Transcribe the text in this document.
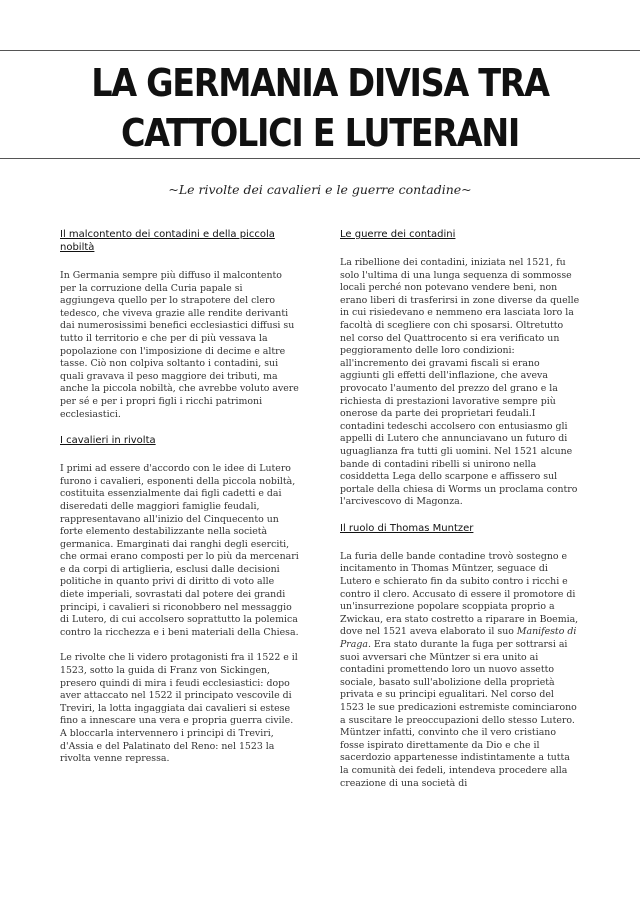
LA GERMANIA DIVISA TRA CATTOLICI E LUTERANI
~Le rivolte dei cavalieri e le guerre contadine~

Il malcontento dei contadini e della piccola nobiltà

In Germania sempre più diffuso il malcontento per la corruzione della Curia papale si aggiungeva quello per lo strapotere del clero tedesco, che viveva grazie alle rendite derivanti dai numerosissimi benefici ecclesiastici diffusi su tutto il territorio e che per di più vessava la popolazione con l'imposizione di decime e altre tasse. Ciò non colpiva soltanto i contadini, sui quali gravava il peso maggiore dei tributi, ma anche la piccola nobiltà, che avrebbe voluto avere per sé e per i propri figli i ricchi patrimoni ecclesiastici.

I cavalieri in rivolta

I primi ad essere d'accordo con le idee di Lutero furono i cavalieri, esponenti della piccola nobiltà, costituita essenzialmente dai figli cadetti e dai diseredati delle maggiori famiglie feudali, rappresentavano all'inizio del Cinquecento un forte elemento destabilizzante nella società germanica. Emarginati dai ranghi degli eserciti, che ormai erano composti per lo più da mercenari e da corpi di artiglieria, esclusi dalle decisioni politiche in quanto privi di diritto di voto alle diete imperiali, sovrastati dal potere dei grandi principi, i cavalieri si riconobbero nel messaggio di Lutero, di cui accolsero soprattutto la polemica contro la ricchezza e i beni materiali della Chiesa.

Le rivolte che li videro protagonisti fra il 1522 e il 1523, sotto la guida di Franz von Sickingen, presero quindi di mira i feudi ecclesiastici: dopo aver attaccato nel 1522 il principato vescovile di Treviri, la lotta ingaggiata dai cavalieri si estese fino a innescare una vera e propria guerra civile. A bloccarla intervennero i principi di Treviri, d'Assia e del Palatinato del Reno: nel 1523 la rivolta venne repressa.

Le guerre dei contadini

La ribellione dei contadini, iniziata nel 1521, fu solo l'ultima di una lunga sequenza di sommosse locali perché non potevano vendere beni, non erano liberi di trasferirsi in zone diverse da quelle in cui risiedevano e nemmeno era lasciata loro la facoltà di scegliere con chi sposarsi. Oltretutto nel corso del Quattrocento si era verificato un peggioramento delle loro condizioni: all'incremento dei gravami fiscali si erano aggiunti gli effetti dell'inflazione, che aveva provocato l'aumento del prezzo del grano e la richiesta di prestazioni lavorative sempre più onerose da parte dei proprietari feudali.I contadini tedeschi accolsero con entusiasmo gli appelli di Lutero che annunciavano un futuro di uguaglianza fra tutti gli uomini. Nel 1521 alcune bande di contadini ribelli si unirono nella cosiddetta Lega dello scarpone e affissero sul portale della chiesa di Worms un proclama contro l'arcivescovo di Magonza.

Il ruolo di Thomas Muntzer

La furia delle bande contadine trovò sostegno e incitamento in Thomas Müntzer, seguace di Lutero e schierato fin da subito contro i ricchi e contro il clero. Accusato di essere il promotore di un'insurrezione popolare scoppiata proprio a Zwickau, era stato costretto a riparare in Boemia, dove nel 1521 aveva elaborato il suo Manifesto di Praga. Era stato durante la fuga per sottrarsi ai suoi avversari che Müntzer si era unito ai contadini promettendo loro un nuovo assetto sociale, basato sull'abolizione della proprietà privata e su principi egualitari. Nel corso del 1523 le sue predicazioni estremiste cominciarono a suscitare le preoccupazioni dello stesso Lutero. Müntzer infatti, convinto che il vero cristiano fosse ispirato direttamente da Dio e che il sacerdozio appartenesse indistintamente a tutta la comunità dei fedeli, intendeva procedere alla creazione di una società di
